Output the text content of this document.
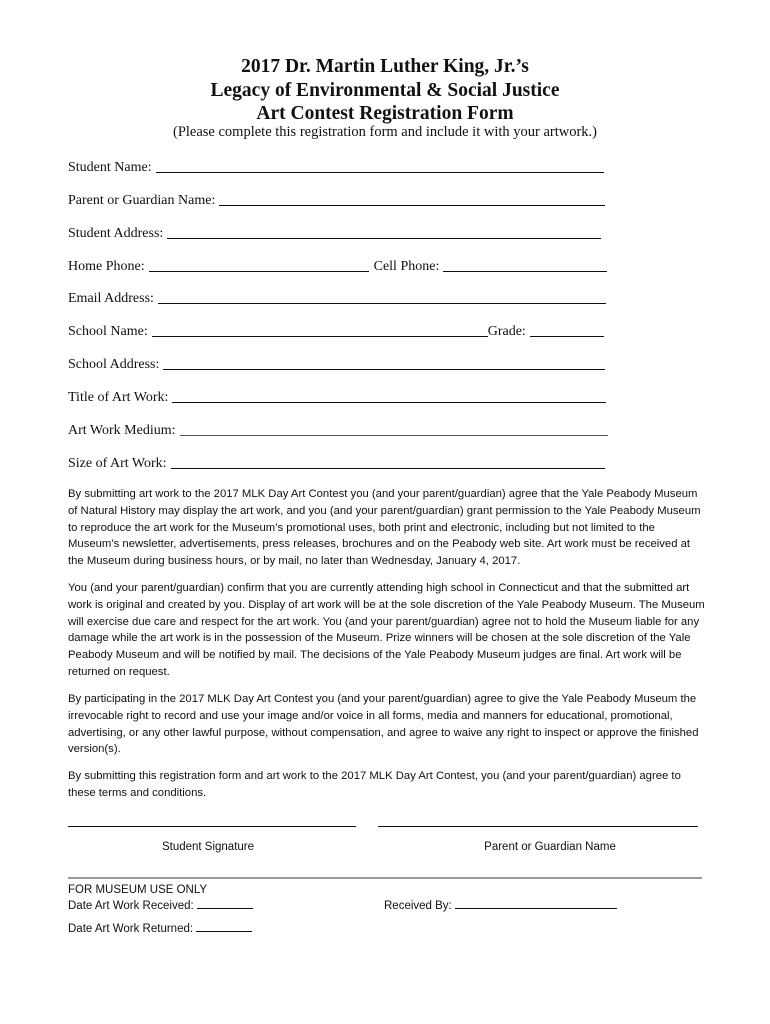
2017 Dr. Martin Luther King, Jr.’s
Legacy of Environmental & Social Justice
Art Contest Registration Form
(Please complete this registration form and include it with your artwork.)
Student Name:
Parent or Guardian Name:
Student Address:
Home Phone:	Cell Phone:
Email Address:
School Name:	Grade:
School Address:
Title of Art Work:
Art Work Medium:
Size of Art Work:
By submitting art work to the 2017 MLK Day Art Contest you (and your parent/guardian) agree that the Yale Peabody Museum of Natural History may display the art work, and you (and your parent/guardian) grant permission to the Yale Peabody Museum to reproduce the art work for the Museum’s promotional uses, both print and electronic, including but not limited to the Museum’s newsletter, advertisements, press releases, brochures and on the Peabody web site. Art work must be received at the Museum during business hours, or by mail, no later than Wednesday, January 4, 2017.
You (and your parent/guardian) confirm that you are currently attending high school in Connecticut and that the submitted art work is original and created by you. Display of art work will be at the sole discretion of the Yale Peabody Museum. The Museum will exercise due care and respect for the art work. You (and your parent/guardian) agree not to hold the Museum liable for any damage while the art work is in the possession of the Museum. Prize winners will be chosen at the sole discretion of the Yale Peabody Museum and will be notified by mail. The decisions of the Yale Peabody Museum judges are final. Art work will be returned on request.
By participating in the 2017 MLK Day Art Contest you (and your parent/guardian) agree to give the Yale Peabody Museum the irrevocable right to record and use your image and/or voice in all forms, media and manners for educational, promotional, advertising, or any other lawful purpose, without compensation, and agree to waive any right to inspect or approve the finished version(s).
By submitting this registration form and art work to the 2017 MLK Day Art Contest, you (and your parent/guardian) agree to these terms and conditions.
Student Signature	Parent or Guardian Name
FOR MUSEUM USE ONLY
Date Art Work Received:	Received By:
Date Art Work Returned:
